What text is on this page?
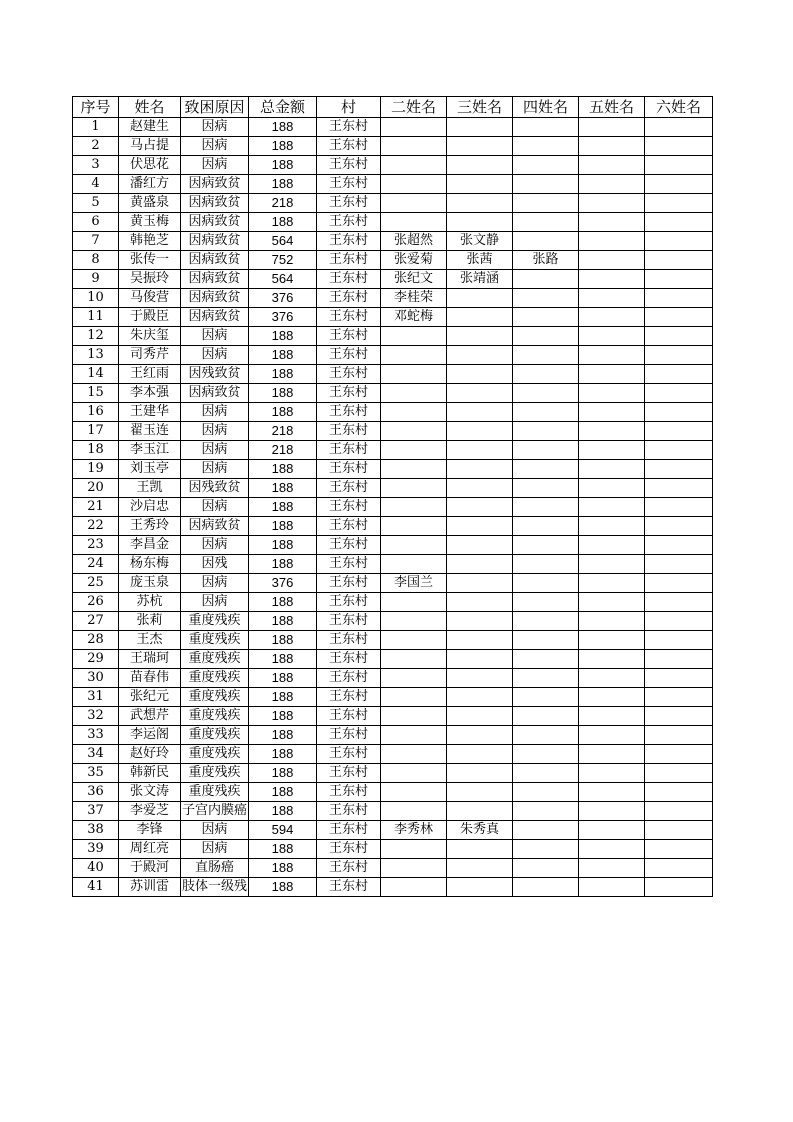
序号	姓名	致困原因	总金额	村	二姓名	三姓名	四姓名	五姓名	六姓名
1	赵建生	因病	188	王东村					
2	马占提	因病	188	王东村					
3	伏思花	因病	188	王东村					
4	潘红方	因病致贫	188	王东村					
5	黄盛泉	因病致贫	218	王东村					
6	黄玉梅	因病致贫	188	王东村					
7	韩艳芝	因病致贫	564	王东村	张超然	张文静			
8	张传一	因病致贫	752	王东村	张爱菊	张茜	张路		
9	吴振玲	因病致贫	564	王东村	张纪文	张靖涵			
10	马俊营	因病致贫	376	王东村	李桂荣				
11	于殿臣	因病致贫	376	王东村	邓蛇梅				
12	朱庆玺	因病	188	王东村					
13	司秀芹	因病	188	王东村					
14	王红雨	因残致贫	188	王东村					
15	李本强	因病致贫	188	王东村					
16	王建华	因病	188	王东村					
17	翟玉连	因病	218	王东村					
18	李玉江	因病	218	王东村					
19	刘玉亭	因病	188	王东村					
20	王凯	因残致贫	188	王东村					
21	沙启忠	因病	188	王东村					
22	王秀玲	因病致贫	188	王东村					
23	李昌金	因病	188	王东村					
24	杨东梅	因残	188	王东村					
25	庞玉泉	因病	376	王东村	李国兰				
26	苏杭	因病	188	王东村					
27	张莉	重度残疾	188	王东村					
28	王杰	重度残疾	188	王东村					
29	王瑞珂	重度残疾	188	王东村					
30	苗春伟	重度残疾	188	王东村					
31	张纪元	重度残疾	188	王东村					
32	武想芹	重度残疾	188	王东村					
33	李运阁	重度残疾	188	王东村					
34	赵好玲	重度残疾	188	王东村					
35	韩新民	重度残疾	188	王东村					
36	张文涛	重度残疾	188	王东村					
37	李爱芝	子宫内膜癌	188	王东村					
38	李锋	因病	594	王东村	李秀林	朱秀真			
39	周红亮	因病	188	王东村					
40	于殿河	直肠癌	188	王东村					
41	苏训雷	肢体一级残	188	王东村					
